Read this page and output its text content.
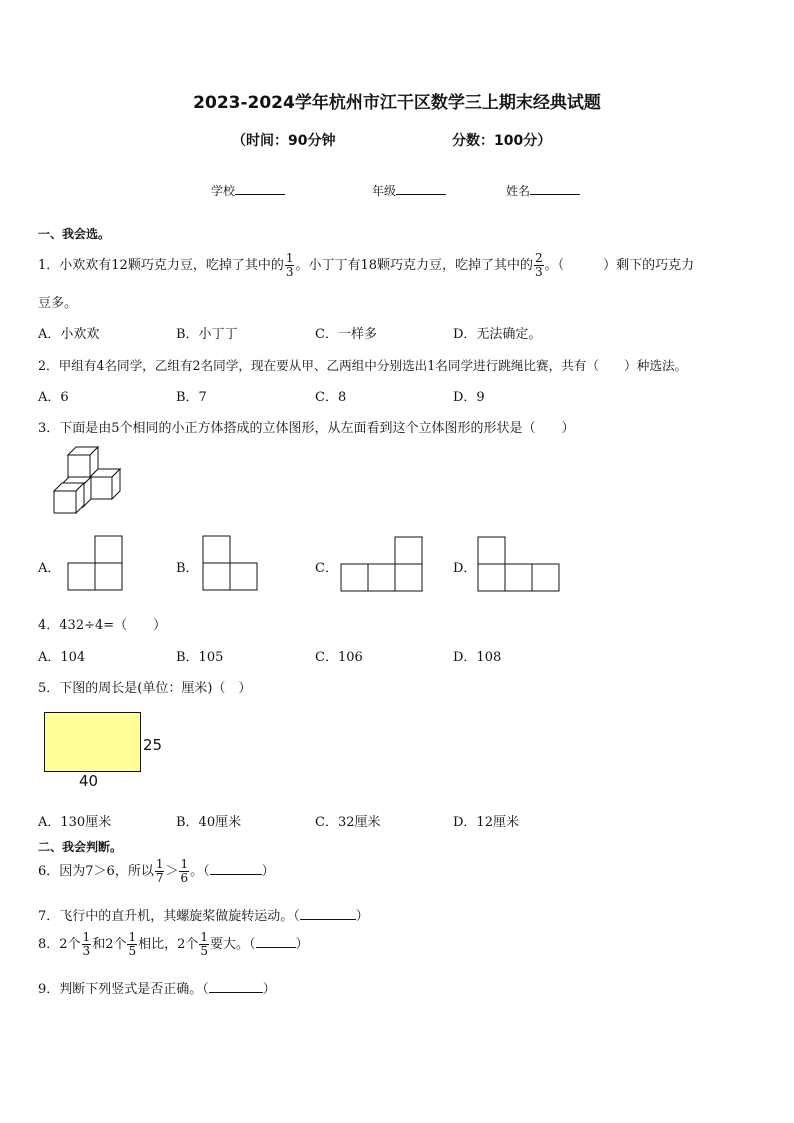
2023-2024学年杭州市江干区数学三上期末经典试题
（时间：90分钟	分数：100分）
学校	年级	姓名
一、我会选。
1．小欢欢有12颗巧克力豆，吃掉了其中的 $\frac{1}{3}$ 。小丁丁有18颗巧克力豆，吃掉了其中的 $\frac{2}{3}$ 。（　　　）剩下的巧克力
豆多。
A．小欢欢	B．小丁丁	C．一样多	D．无法确定。
2．甲组有4名同学，乙组有2名同学，现在要从甲、乙两组中分别选出1名同学进行跳绳比赛，共有（　　）种选法。
A．6	B．7	C．8	D．9
3．下面是由5个相同的小正方体搭成的立体图形，从左面看到这个立体图形的形状是（　　）
A．	B．	C．	D．
4．432÷4=（　　）
A．104	B．105	C．106	D．108
5．下图的周长是(单位：厘米)（　）
25
40
A．130厘米	B．40厘米	C．32厘米	D．12厘米
二、我会判断。
6．因为7＞6，所以 $\frac{1}{7} > \frac{1}{6}$ 。（	）
7．飞行中的直升机，其螺旋桨做旋转运动。（	）
8．2个 $\frac{1}{3}$ 和2个 $\frac{1}{5}$ 相比，2个 $\frac{1}{5}$ 要大。（	）
9．判断下列竖式是否正确。（	）
